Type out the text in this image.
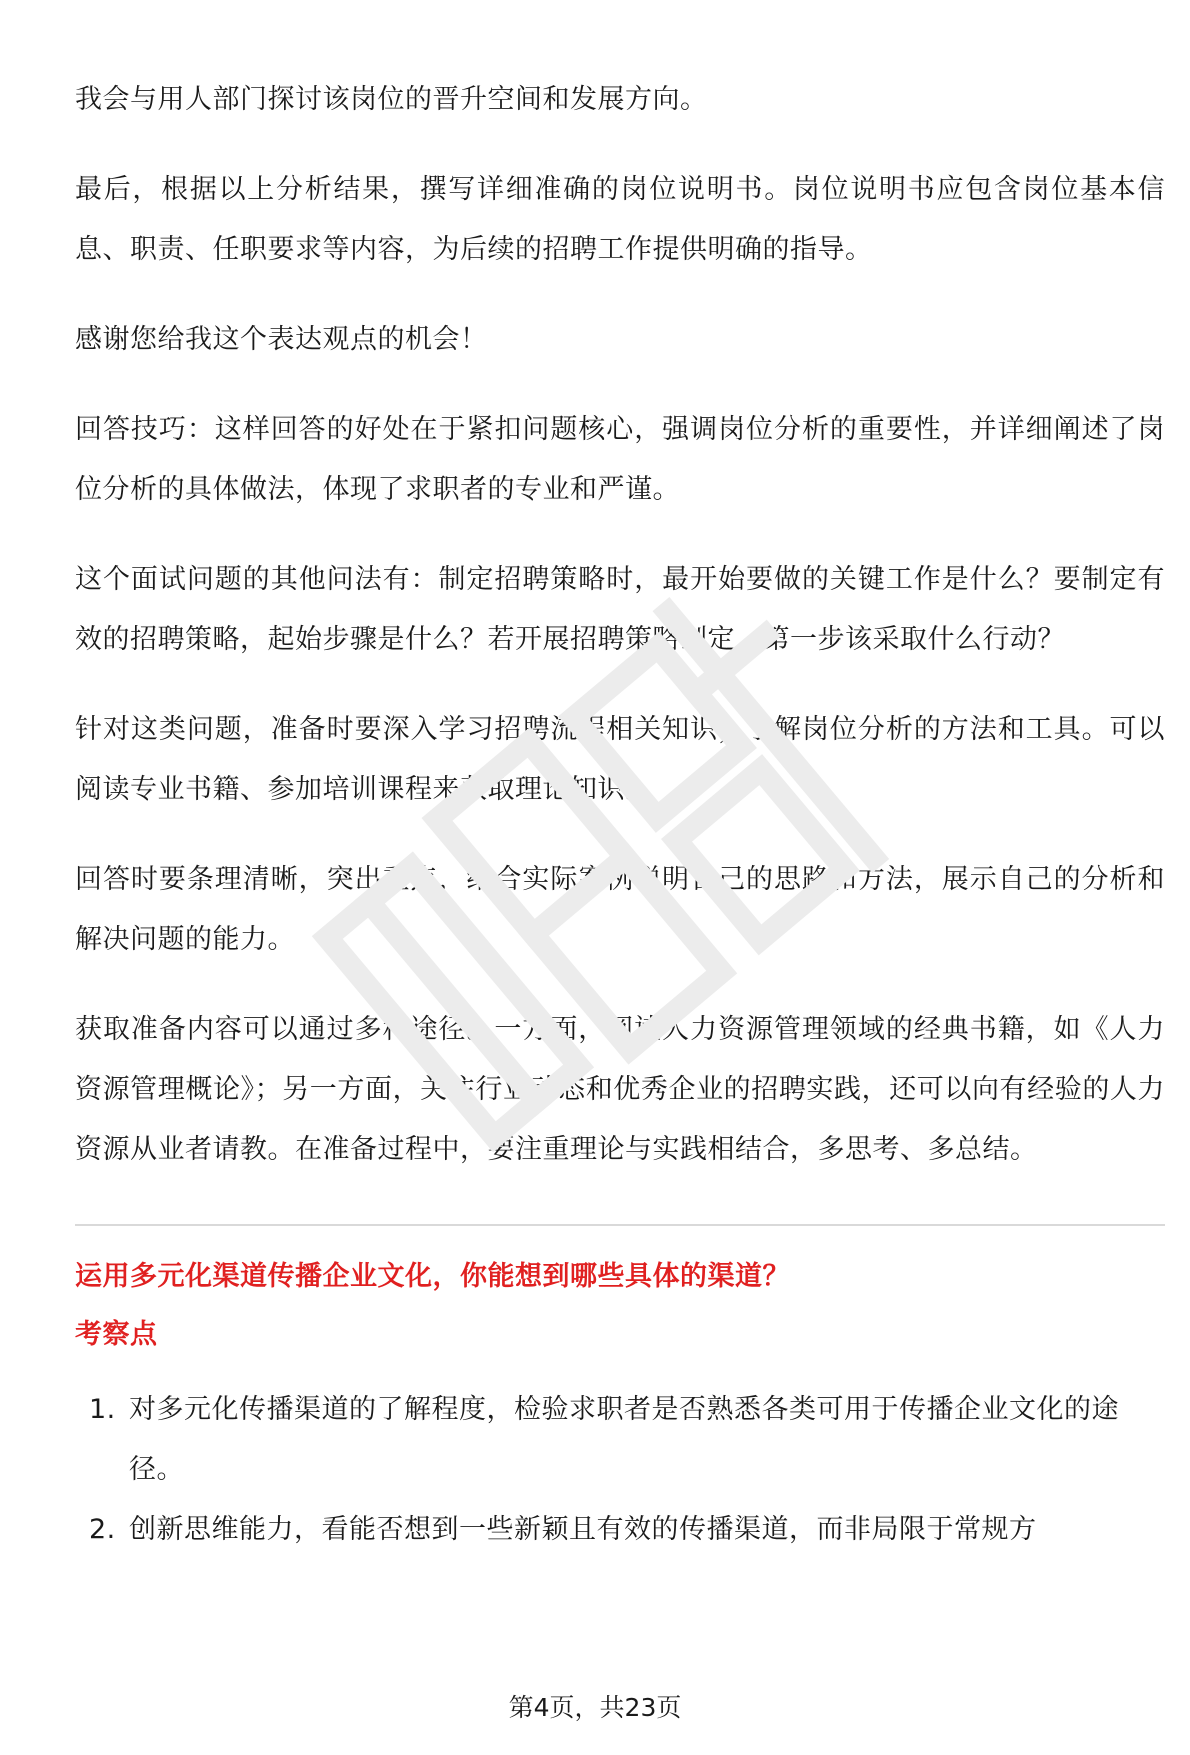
我会与用人部门探讨该岗位的晋升空间和发展方向。

最后，根据以上分析结果，撰写详细准确的岗位说明书。岗位说明书应包含岗位基本信息、职责、任职要求等内容，为后续的招聘工作提供明确的指导。

感谢您给我这个表达观点的机会！

回答技巧：这样回答的好处在于紧扣问题核心，强调岗位分析的重要性，并详细阐述了岗位分析的具体做法，体现了求职者的专业和严谨。

这个面试问题的其他问法有：制定招聘策略时，最开始要做的关键工作是什么？要制定有效的招聘策略，起始步骤是什么？若开展招聘策略制定，第一步该采取什么行动？

针对这类问题，准备时要深入学习招聘流程相关知识，了解岗位分析的方法和工具。可以阅读专业书籍、参加培训课程来获取理论知识。

回答时要条理清晰，突出重点，结合实际案例说明自己的思路和方法，展示自己的分析和解决问题的能力。

获取准备内容可以通过多种途径。一方面，阅读人力资源管理领域的经典书籍，如《人力资源管理概论》；另一方面，关注行业动态和优秀企业的招聘实践，还可以向有经验的人力资源从业者请教。在准备过程中，要注重理论与实践相结合，多思考、多总结。

运用多元化渠道传播企业文化，你能想到哪些具体的渠道？
考察点
1. 对多元化传播渠道的了解程度，检验求职者是否熟悉各类可用于传播企业文化的途径。
2. 创新思维能力，看能否想到一些新颖且有效的传播渠道，而非局限于常规方
第4页，共23页
